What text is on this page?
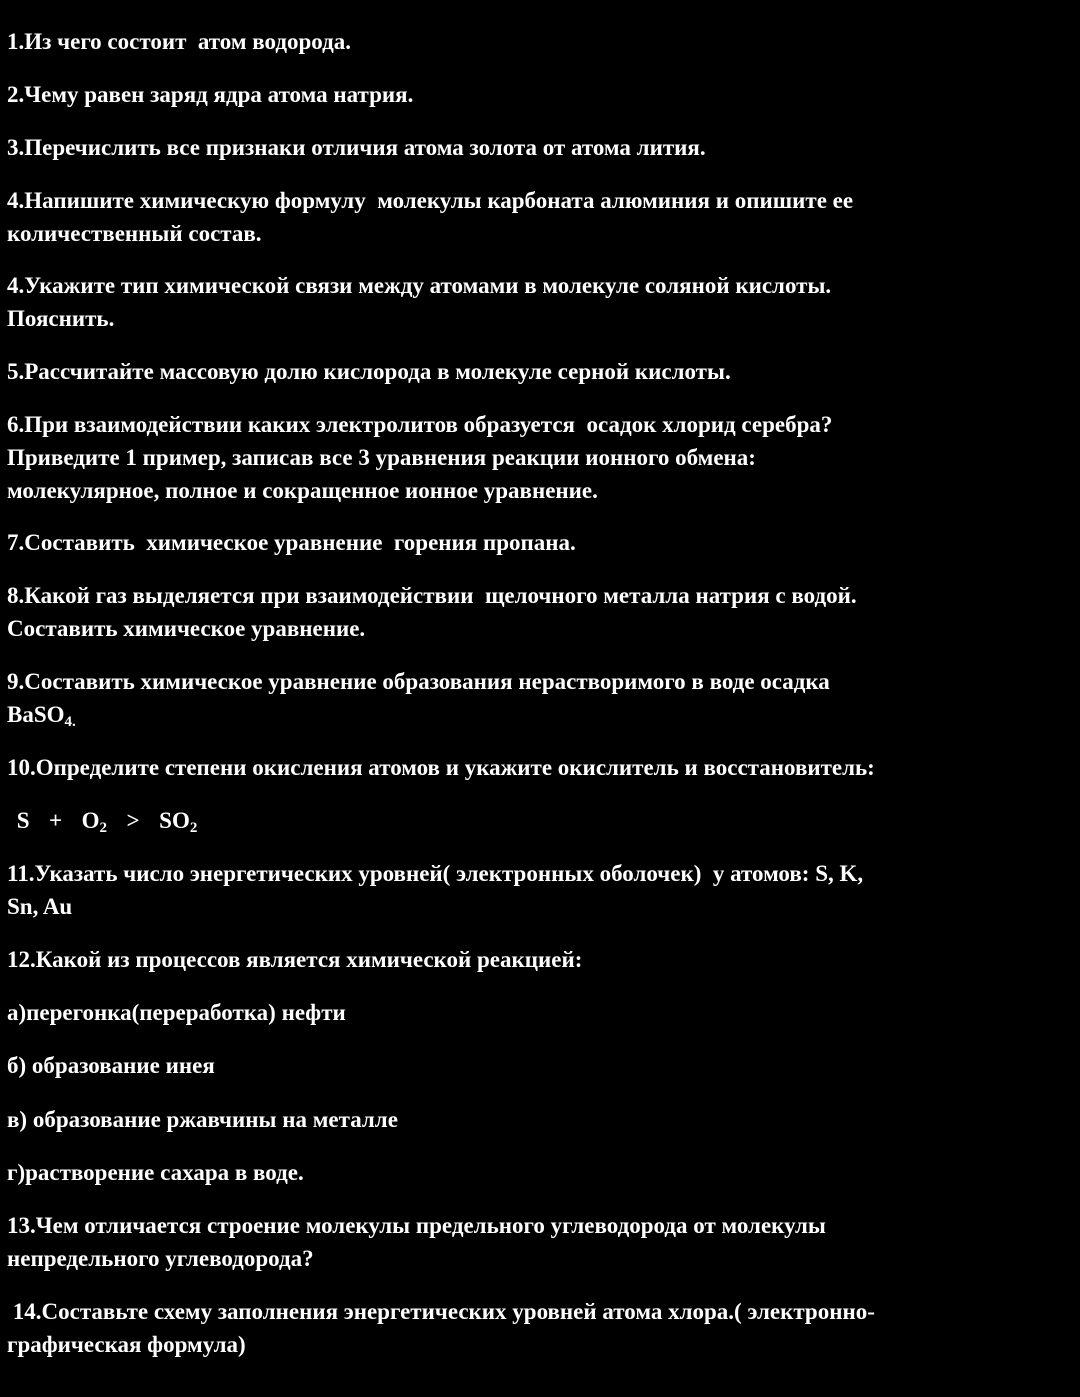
1.Из чего состоит  атом водорода.

2.Чему равен заряд ядра атома натрия.

3.Перечислить все признаки отличия атома золота от атома лития.

4.Напишите химическую формулу  молекулы карбоната алюминия и опишите ее
количественный состав.

4.Укажите тип химической связи между атомами в молекуле соляной кислоты.
Пояснить.

5.Рассчитайте массовую долю кислорода в молекуле серной кислоты.

6.При взаимодействии каких электролитов образуется  осадок хлорид серебра?
Приведите 1 пример, записав все 3 уравнения реакции ионного обмена:
молекулярное, полное и сокращенное ионное уравнение.

7.Составить  химическое уравнение  горения пропана.

8.Какой газ выделяется при взаимодействии  щелочного металла натрия с водой.
Составить химическое уравнение.

9.Составить химическое уравнение образования нерастворимого в воде осадка
BaSO4.

10.Определите степени окисления атомов и укажите окислитель и восстановитель:

S  +  O2  >  SO2

11.Указать число энергетических уровней( электронных оболочек)  у атомов: S, K,
Sn, Au

12.Какой из процессов является химической реакцией:

а)перегонка(переработка) нефти

б) образование инея

в) образование ржавчины на металле

г)растворение сахара в воде.

13.Чем отличается строение молекулы предельного углеводорода от молекулы
непредельного углеводорода?

14.Составьте схему заполнения энергетических уровней атома хлора.( электронно-
графическая формула)
